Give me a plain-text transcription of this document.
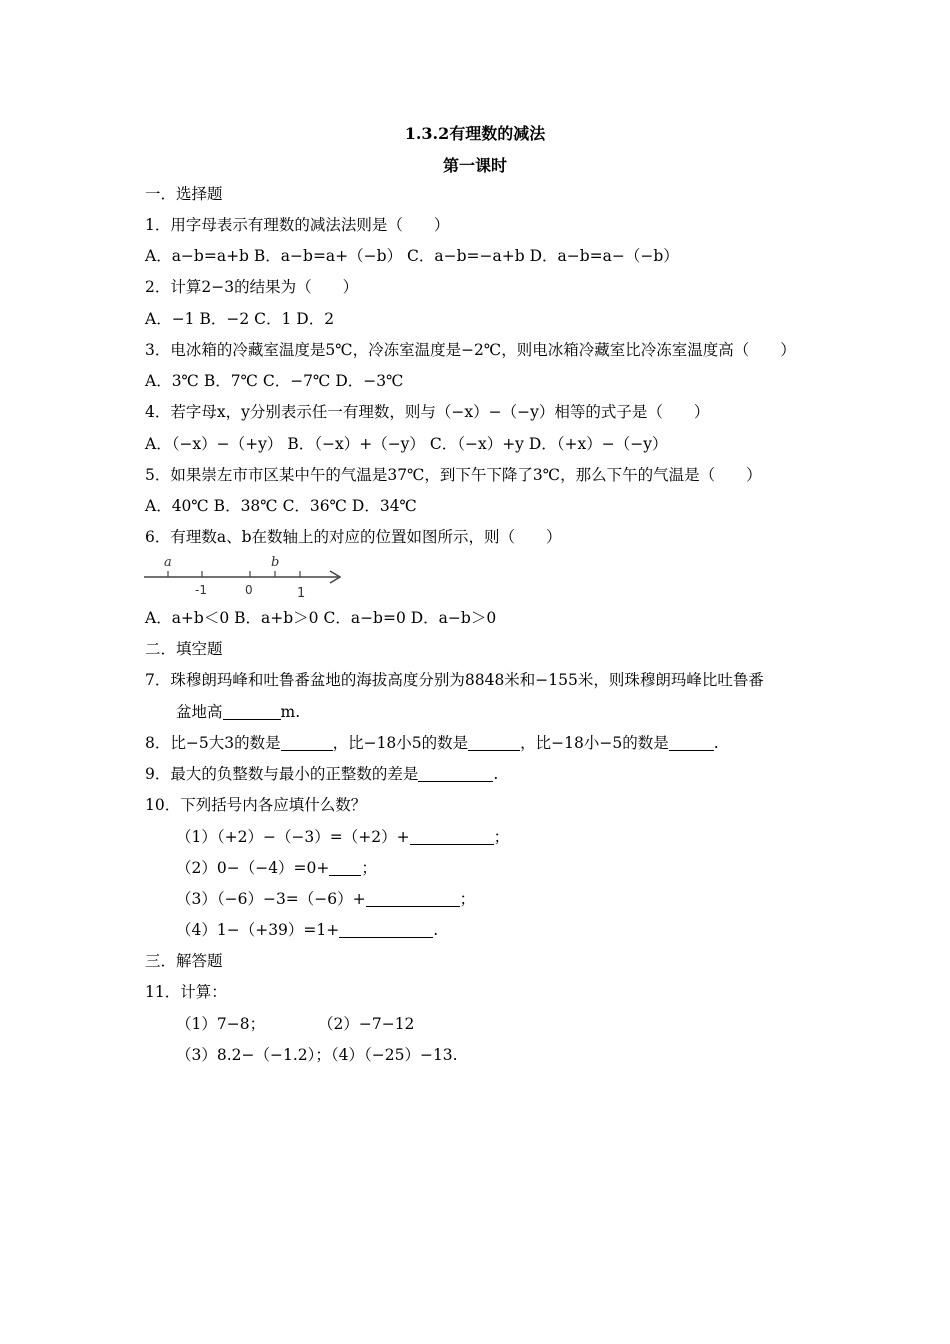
1.3.2有理数的减法
第一课时
一．选择题
1．用字母表示有理数的减法法则是（　　）
A．a−b=a+b B．a−b=a+（−b） C．a−b=−a+b D．a−b=a−（−b）
2．计算2−3的结果为（　　）
A．−1 B．−2 C．1 D．2
3．电冰箱的冷藏室温度是5℃，冷冻室温度是−2℃，则电冰箱冷藏室比冷冻室温度高（　　）
A．3℃ B．7℃ C．−7℃ D．−3℃
4．若字母x，y分别表示任一有理数，则与（−x）−（−y）相等的式子是（　　）
A．（−x）−（+y） B．（−x）+（−y） C．（−x）+y D．（+x）−（−y）
5．如果崇左市市区某中午的气温是37℃，到下午下降了3℃，那么下午的气温是（　　）
A．40℃ B．38℃ C．36℃ D．34℃
6．有理数a、b在数轴上的对应的位置如图所示，则（　　）
a	b
-1	0	1
A．a+b＜0 B．a+b＞0 C．a−b=0 D．a−b＞0
二．填空题
7．珠穆朗玛峰和吐鲁番盆地的海拔高度分别为8848米和−155米，则珠穆朗玛峰比吐鲁番
盆地高	m.
8．比−5大3的数是	，比−18小5的数是	，比−18小−5的数是	.
9．最大的负整数与最小的正整数的差是	.
10．下列括号内各应填什么数？
（1）（+2）−（−3）=（+2）+	；
（2）0−（−4）=0+ ；
（3）（−6）−3=（−6）+	；
（4）1−（+39）=1+	.
三．解答题
11．计算：
（1）7−8；	（2）−7−12
（3）8.2−（−1.2）；（4）（−25）−13.
